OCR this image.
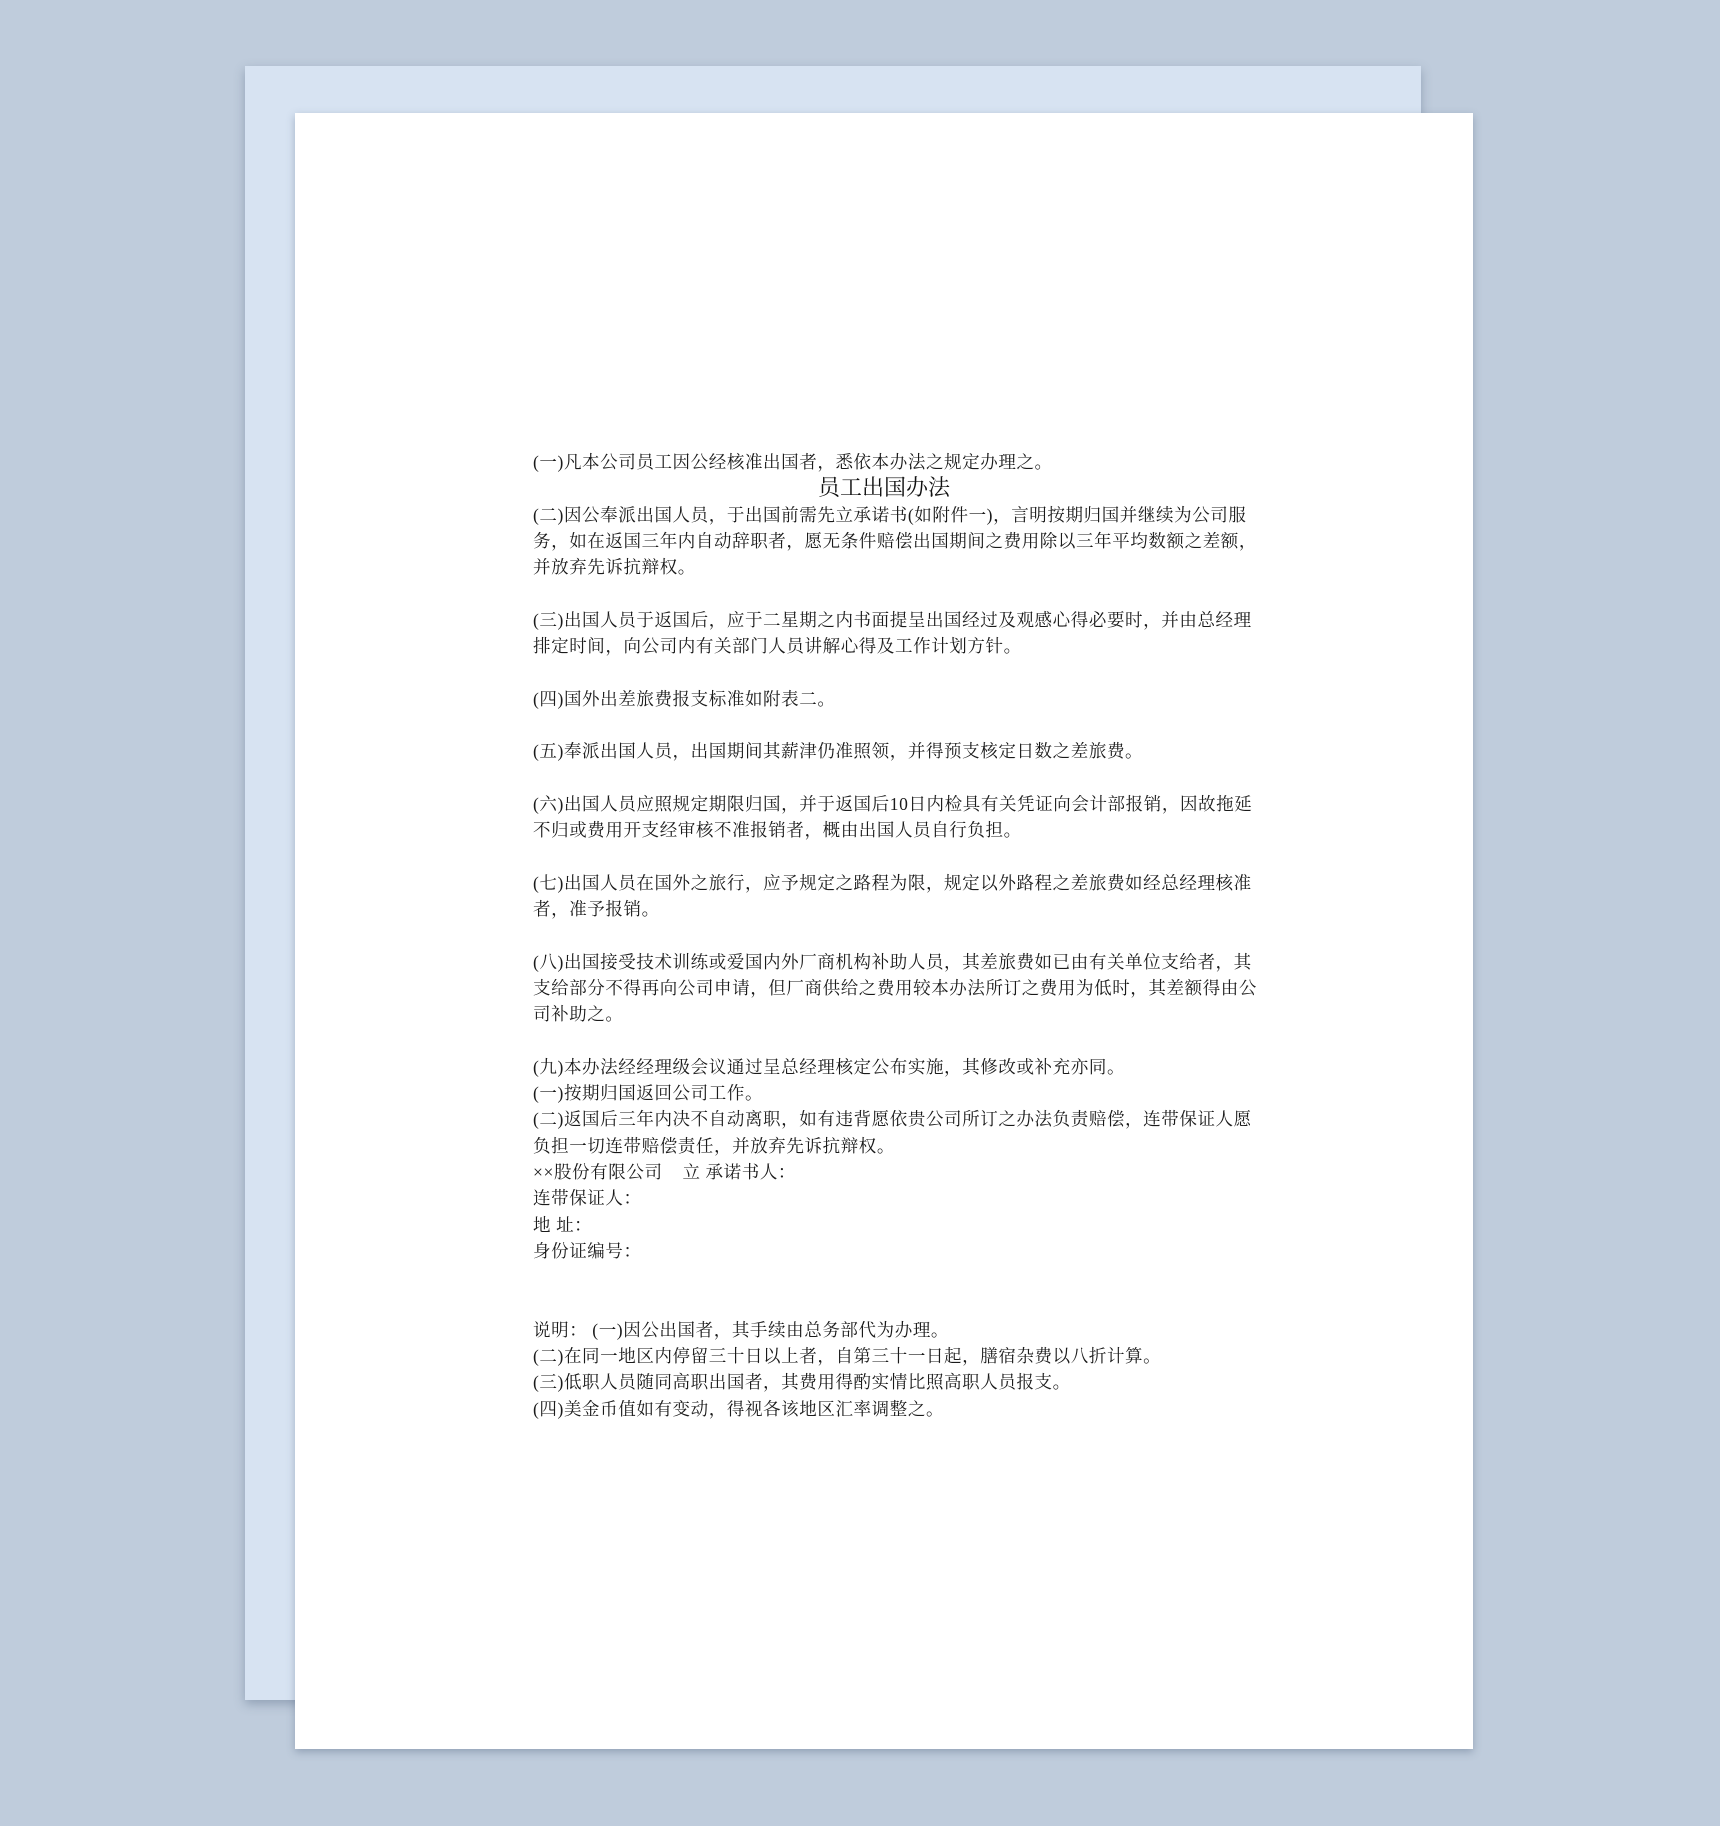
员工出国办法
(一)凡本公司员工因公经核准出国者，悉依本办法之规定办理之。
(二)因公奉派出国人员，于出国前需先立承诺书(如附件一)，言明按期归国并继续为公司服
务，如在返国三年内自动辞职者，愿无条件赔偿出国期间之费用除以三年平均数额之差额，
并放弃先诉抗辩权。
(三)出国人员于返国后，应于二星期之内书面提呈出国经过及观感心得必要时，并由总经理
排定时间，向公司内有关部门人员讲解心得及工作计划方针。
(四)国外出差旅费报支标准如附表二。
(五)奉派出国人员，出国期间其薪津仍准照领，并得预支核定日数之差旅费。
(六)出国人员应照规定期限归国，并于返国后10日内检具有关凭证向会计部报销，因故拖延
不归或费用开支经审核不准报销者，概由出国人员自行负担。
(七)出国人员在国外之旅行，应予规定之路程为限，规定以外路程之差旅费如经总经理核准
者，准予报销。
(八)出国接受技术训练或爱国内外厂商机构补助人员，其差旅费如已由有关单位支给者，其
支给部分不得再向公司申请，但厂商供给之费用较本办法所订之费用为低时，其差额得由公
司补助之。
(九)本办法经经理级会议通过呈总经理核定公布实施，其修改或补充亦同。
(一)按期归国返回公司工作。
(二)返国后三年内决不自动离职，如有违背愿依贵公司所订之办法负责赔偿，连带保证人愿
负担一切连带赔偿责任，并放弃先诉抗辩权。
××股份有限公司    立 承诺书人：
连带保证人：
地 址：
身份证编号：
说明： (一)因公出国者，其手续由总务部代为办理。
(二)在同一地区内停留三十日以上者，自第三十一日起，膳宿杂费以八折计算。
(三)低职人员随同高职出国者，其费用得酌实情比照高职人员报支。
(四)美金币值如有变动，得视各该地区汇率调整之。
